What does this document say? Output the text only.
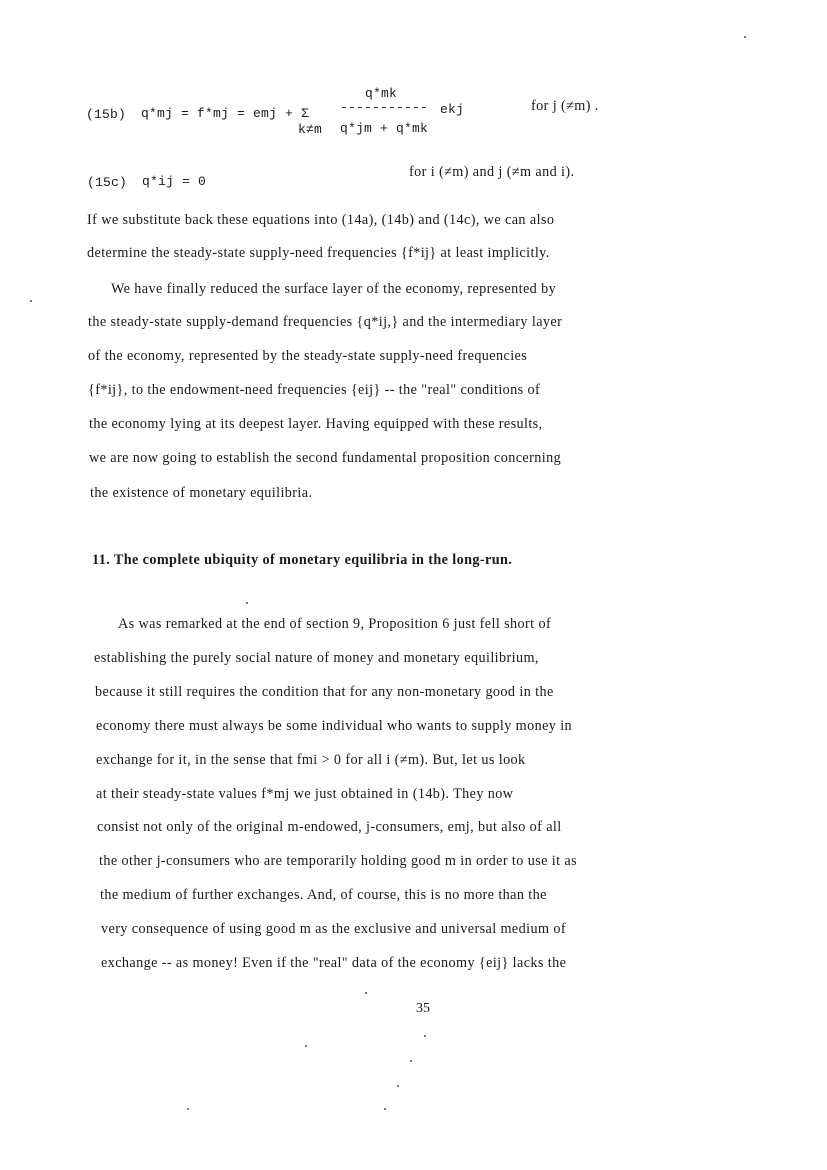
q*mk
(15b) q*mj = f*mj = emj + Σ ----------- ekj
k≠m q*jm + q*mk
for j (≠m) .
(15c) q*ij = 0
for i (≠m) and j (≠m and i).
If we substitute back these equations into (14a), (14b) and (14c), we can also
determine the steady-state supply-need frequencies {f*ij} at least implicitly.
We have finally reduced the surface layer of the economy, represented by
the steady-state supply-demand frequencies {q*ij,} and the intermediary layer
of the economy, represented by the steady-state supply-need frequencies
{f*ij}, to the endowment-need frequencies {eij} -- the "real" conditions of
the economy lying at its deepest layer. Having equipped with these results,
we are now going to establish the second fundamental proposition concerning
the existence of monetary equilibria.
11. The complete ubiquity of monetary equilibria in the long-run.
As was remarked at the end of section 9, Proposition 6 just fell short of
establishing the purely social nature of money and monetary equilibrium,
because it still requires the condition that for any non-monetary good in the
economy there must always be some individual who wants to supply money in
exchange for it, in the sense that fmi > 0 for all i (≠m). But, let us look
at their steady-state values f*mj we just obtained in (14b). They now
consist not only of the original m-endowed, j-consumers, emj, but also of all
the other j-consumers who are temporarily holding good m in order to use it as
the medium of further exchanges. And, of course, this is no more than the
very consequence of using good m as the exclusive and universal medium of
exchange -- as money! Even if the "real" data of the economy {eij} lacks the
35
